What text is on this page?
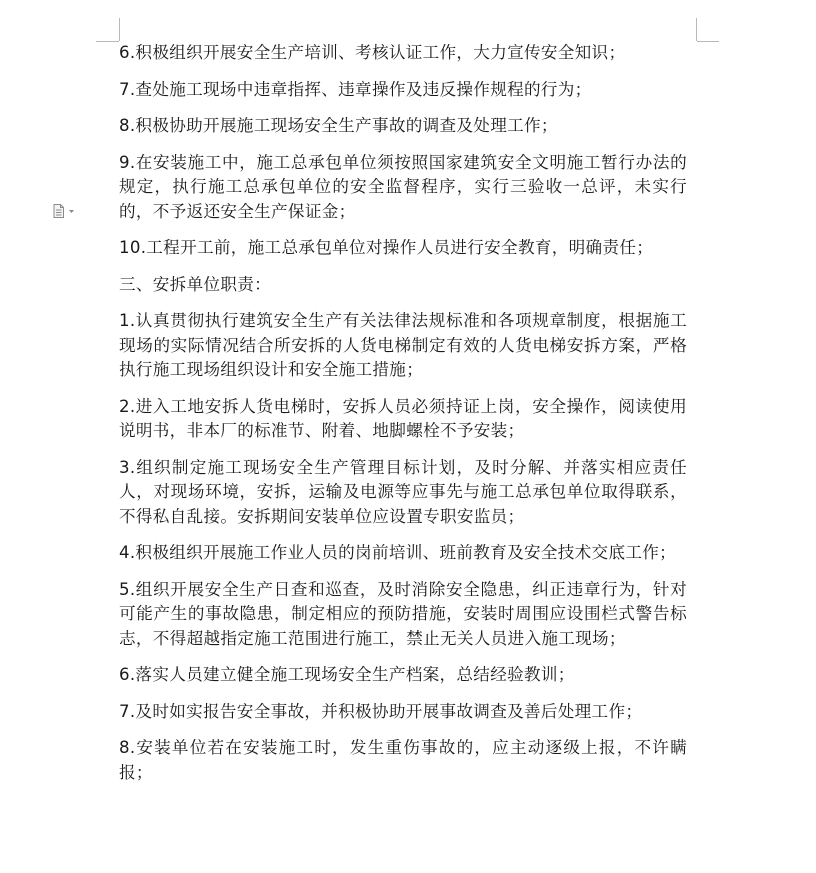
6.积极组织开展安全生产培训、考核认证工作，大力宣传安全知识；

7.查处施工现场中违章指挥、违章操作及违反操作规程的行为；

8.积极协助开展施工现场安全生产事故的调查及处理工作；

9.在安装施工中，施工总承包单位须按照国家建筑安全文明施工暂行办法的规定，执行施工总承包单位的安全监督程序，实行三验收一总评，未实行的，不予返还安全生产保证金；

10.工程开工前，施工总承包单位对操作人员进行安全教育，明确责任；

三、安拆单位职责：

1.认真贯彻执行建筑安全生产有关法律法规标准和各项规章制度，根据施工现场的实际情况结合所安拆的人货电梯制定有效的人货电梯安拆方案，严格执行施工现场组织设计和安全施工措施；

2.进入工地安拆人货电梯时，安拆人员必须持证上岗，安全操作，阅读使用说明书，非本厂的标准节、附着、地脚螺栓不予安装；

3.组织制定施工现场安全生产管理目标计划，及时分解、并落实相应责任人，对现场环境，安拆，运输及电源等应事先与施工总承包单位取得联系，不得私自乱接。安拆期间安装单位应设置专职安监员；

4.积极组织开展施工作业人员的岗前培训、班前教育及安全技术交底工作；

5.组织开展安全生产日查和巡查，及时消除安全隐患，纠正违章行为，针对可能产生的事故隐患，制定相应的预防措施，安装时周围应设围栏式警告标志，不得超越指定施工范围进行施工，禁止无关人员进入施工现场；

6.落实人员建立健全施工现场安全生产档案，总结经验教训；

7.及时如实报告安全事故，并积极协助开展事故调查及善后处理工作；

8.安装单位若在安装施工时，发生重伤事故的，应主动逐级上报，不许瞒报；
